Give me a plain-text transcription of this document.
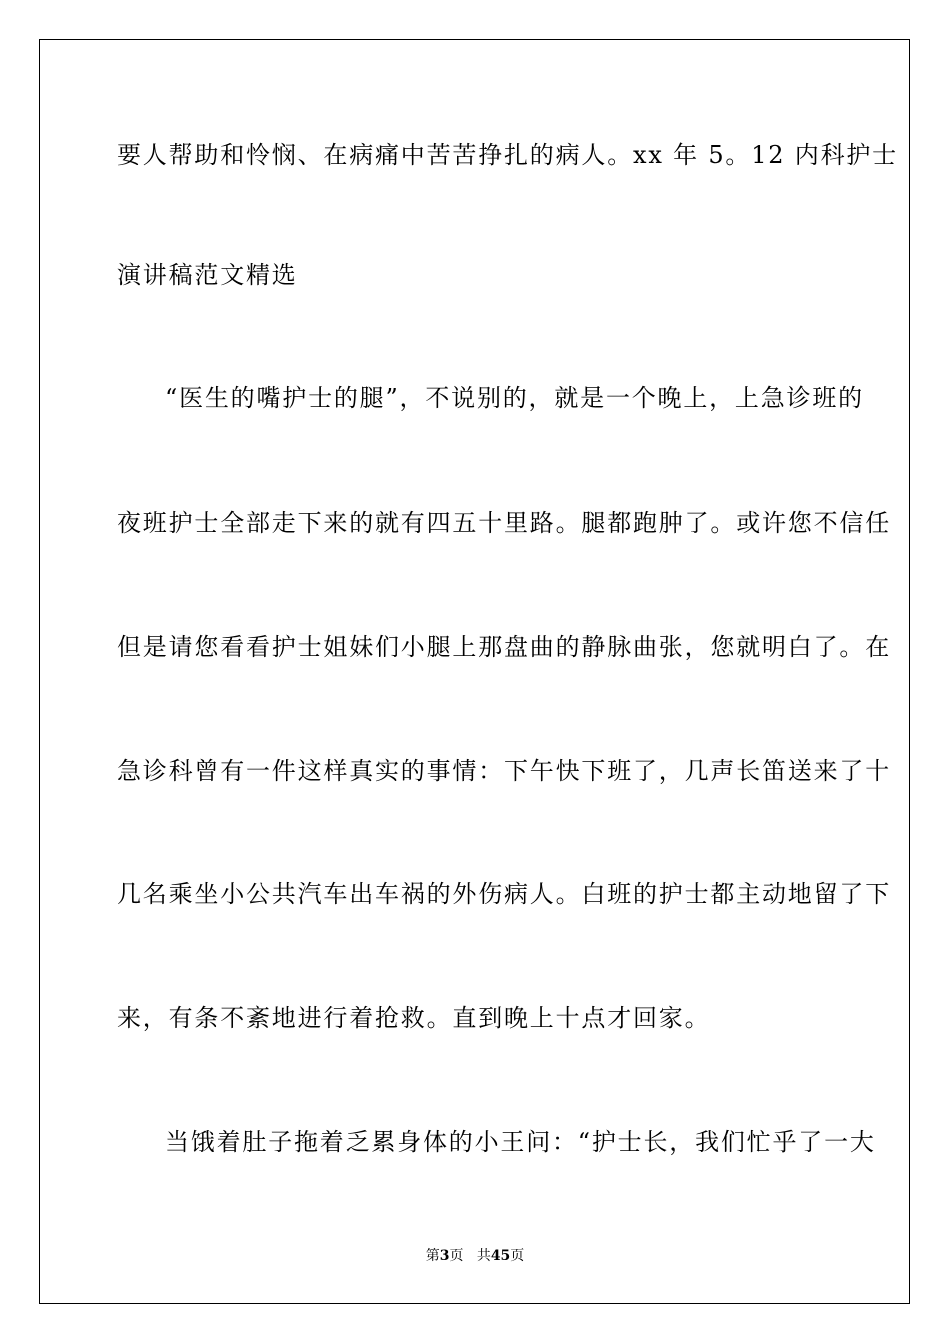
要人帮助和怜悯、在病痛中苦苦挣扎的病人。xx 年 5。12 内科护士
演讲稿范文精选
“医生的嘴护士的腿”，不说别的，就是一个晚上，上急诊班的
夜班护士全部走下来的就有四五十里路。腿都跑肿了。或许您不信任
但是请您看看护士姐妹们小腿上那盘曲的静脉曲张，您就明白了。在
急诊科曾有一件这样真实的事情：下午快下班了，几声长笛送来了十
几名乘坐小公共汽车出车祸的外伤病人。白班的护士都主动地留了下
来，有条不紊地进行着抢救。直到晚上十点才回家。
当饿着肚子拖着乏累身体的小王问：“护士长，我们忙乎了一大
第3页 共45页
